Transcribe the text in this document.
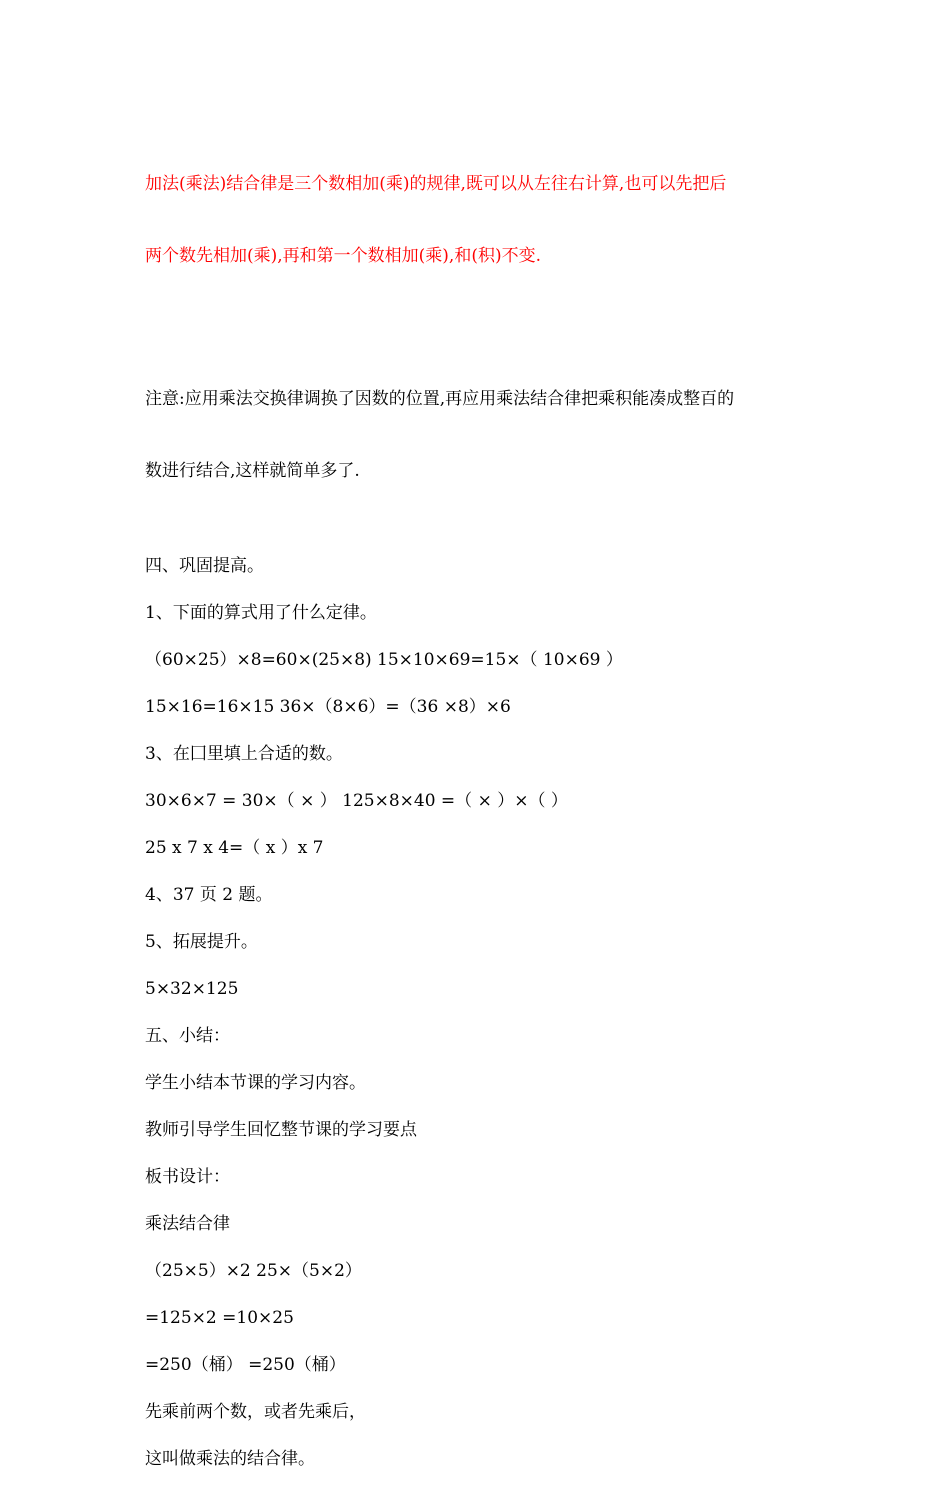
加法(乘法)结合律是三个数相加(乘)的规律,既可以从左往右计算,也可以先把后

两个数先相加(乘),再和第一个数相加(乘),和(积)不变.

注意:应用乘法交换律调换了因数的位置,再应用乘法结合律把乘积能凑成整百的

数进行结合,这样就简单多了.

四、巩固提高。

1、下面的算式用了什么定律。

（60×25）×8=60×(25×8) 15×10×69=15×（ 10×69 ）

15×16=16×15 36×（8×6）=（36 ×8）×6

3、在囗里填上合适的数。

30×6×7 = 30×（ × ） 125×8×40 =（ × ）×（ ）

25 x 7 x 4=（ x ）x 7

4、37 页 2 题。

5、拓展提升。

5×32×125

五、小结：

学生小结本节课的学习内容。

教师引导学生回忆整节课的学习要点

板书设计：

乘法结合律

（25×5）×2 25×（5×2）

=125×2 =10×25

=250（桶） =250（桶）

先乘前两个数，或者先乘后，

这叫做乘法的结合律。
